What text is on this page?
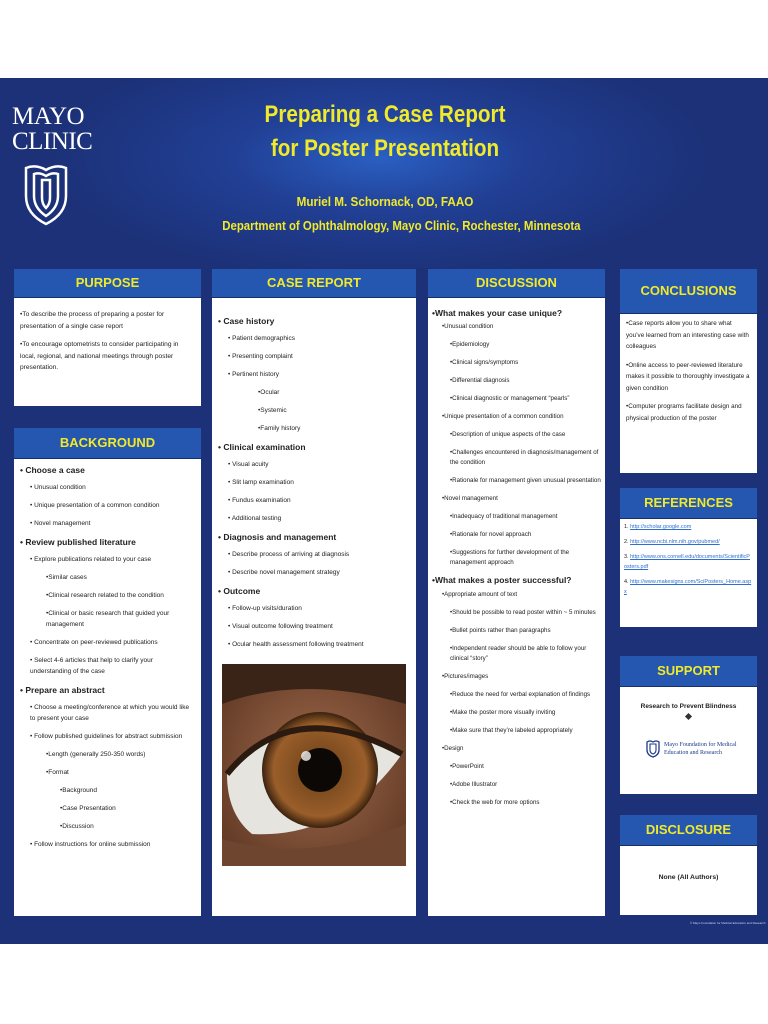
MAYO CLINIC
Preparing a Case Report
for Poster Presentation
Muriel M. Schornack, OD, FAAO
Department of Ophthalmology, Mayo Clinic, Rochester, Minnesota
PURPOSE
•To describe the process of preparing a poster for presentation of a single case report
•To encourage optometrists to consider participating in local, regional, and national meetings through poster presentation.
BACKGROUND
• Choose a case
• Unusual condition
• Unique presentation of a common condition
• Novel management
• Review published literature
• Explore publications related to your case
•Similar cases
•Clinical research related to the condition
•Clinical or basic research that guided your management
• Concentrate on peer-reviewed publications
• Select 4-6 articles that help to clarify your understanding of the case
• Prepare an abstract
• Choose a meeting/conference at which you would like to present your case
• Follow published guidelines for abstract submission
•Length (generally 250-350 words)
•Format
•Background
•Case Presentation
•Discussion
• Follow instructions for online submission
CASE REPORT
• Case history
• Patient demographics
• Presenting complaint
• Pertinent history
•Ocular
•Systemic
•Family history
• Clinical examination
• Visual acuity
• Slit lamp examination
• Fundus examination
• Additional testing
• Diagnosis and management
• Describe process of arriving at diagnosis
• Describe novel management strategy
• Outcome
• Follow-up visits/duration
• Visual outcome following treatment
• Ocular health assessment following treatment
DISCUSSION
•What makes your case unique?
•Unusual condition
•Epidemiology
•Clinical signs/symptoms
•Differential diagnosis
•Clinical diagnostic or management “pearls”
•Unique presentation of a common condition
•Description of unique aspects of the case
•Challenges encountered in diagnosis/management of the condition
•Rationale for management given unusual presentation
•Novel management
•Inadequacy of traditional management
•Rationale for novel approach
•Suggestions for further development of the management approach
•What makes a poster successful?
•Appropriate amount of text
•Should be possible to read poster within ~ 5 minutes
•Bullet points rather than paragraphs
•Independent reader should be able to follow your clinical “story”
•Pictures/images
•Reduce the need for verbal explanation of findings
•Make the poster more visually inviting
•Make sure that they’re labeled appropriately
•Design
•PowerPoint
•Adobe Illustrator
•Check the web for more options
CONCLUSIONS
•Case reports allow you to share what you’ve learned from an interesting case with colleagues
•Online access to peer-reviewed literature makes it possible to thoroughly investigate a given condition
•Computer programs facilitate design and physical production of the poster
REFERENCES
1. http://scholar.google.com
2. http://www.ncbi.nlm.nih.gov/pubmed/
3. http://www.ons.cornell.edu/documents/ScientificPosters.pdf
4. http://www.makesigns.com/SciPosters_Home.aspx
SUPPORT
Research to Prevent Blindness
Mayo Foundation for Medical Education and Research
DISCLOSURE
None (All Authors)
© Mayo Foundation for Medical Education and Research
